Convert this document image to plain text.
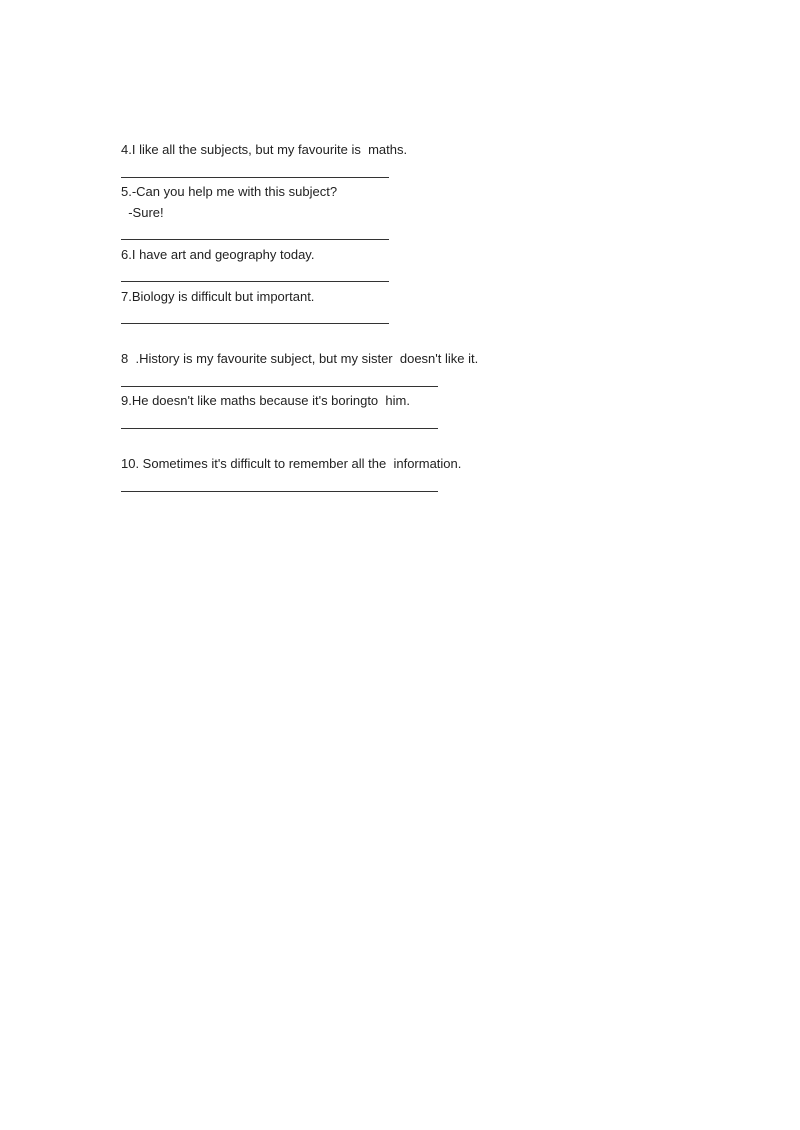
4.I like all the subjects, but my favourite is  maths.
5.-Can you help me with this subject?
-Sure!
6.I have art and geography today.
7.Biology is difficult but important.
8  .History is my favourite subject, but my sister  doesn't like it.
9.He doesn't like maths because it's boringto  him.
10. Sometimes it's difficult to remember all the  information.
